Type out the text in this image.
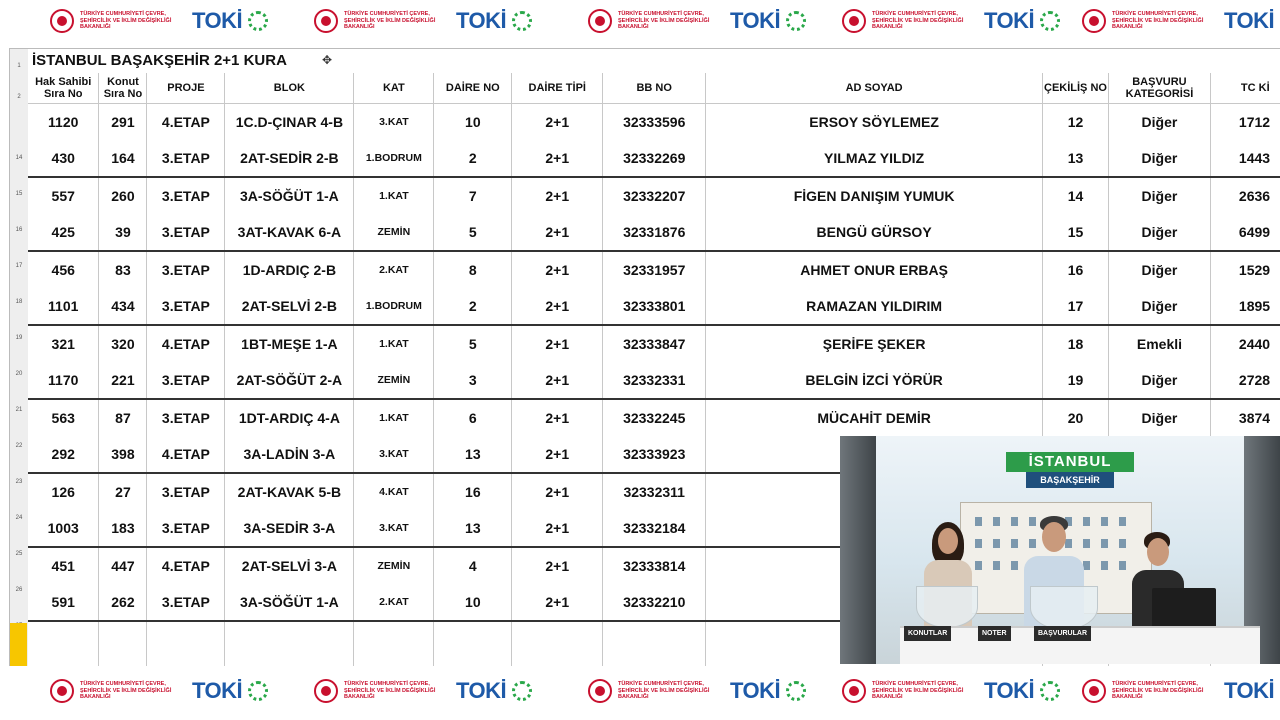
TÜRKİYE CUMHURİYETİ ÇEVRE, ŞEHİRCİLİK VE İKLİM DEĞİŞİKLİĞİ BAKANLIĞI	TOKİ	TÜRKİYE CUMHURİYETİ ÇEVRE, ŞEHİRCİLİK VE İKLİM DEĞİŞİKLİĞİ BAKANLIĞI	TOKİ	TÜRKİYE CUMHURİYETİ ÇEVRE, ŞEHİRCİLİK VE İKLİM DEĞİŞİKLİĞİ BAKANLIĞI	TOKİ	TÜRKİYE CUMHURİYETİ ÇEVRE, ŞEHİRCİLİK VE İKLİM DEĞİŞİKLİĞİ BAKANLIĞI	TOKİ	TÜRKİYE CUMHURİYETİ ÇEVRE, ŞEHİRCİLİK VE İKLİM DEĞİŞİKLİĞİ BAKANLIĞI	TOKİ
1
2
14
15
16
17
18
19
20
21
22
23
24
25
26
İSTANBUL BAŞAKŞEHİR 2+1 KURA	✥
Hak Sahibi Sıra No	Konut Sıra No	PROJE	BLOK	KAT	DAİRE NO	DAİRE TİPİ	BB NO	AD SOYAD	ÇEKİLİŞ NO	BAŞVURU KATEGORİSİ	TC Kİ
1120	291	4.ETAP	1C.D-ÇINAR 4-B	3.KAT	10	2+1	32333596	ERSOY SÖYLEMEZ	12	Diğer	1712
430	164	3.ETAP	2AT-SEDİR 2-B	1.BODRUM	2	2+1	32332269	YILMAZ YILDIZ	13	Diğer	1443
557	260	3.ETAP	3A-SÖĞÜT 1-A	1.KAT	7	2+1	32332207	FİGEN DANIŞIM YUMUK	14	Diğer	2636
425	39	3.ETAP	3AT-KAVAK 6-A	ZEMİN	5	2+1	32331876	BENGÜ GÜRSOY	15	Diğer	6499
456	83	3.ETAP	1D-ARDIÇ 2-B	2.KAT	8	2+1	32331957	AHMET ONUR ERBAŞ	16	Diğer	1529
1101	434	3.ETAP	2AT-SELVİ 2-B	1.BODRUM	2	2+1	32333801	RAMAZAN YILDIRIM	17	Diğer	1895
321	320	4.ETAP	1BT-MEŞE 1-A	1.KAT	5	2+1	32333847	ŞERİFE ŞEKER	18	Emekli	2440
1170	221	3.ETAP	2AT-SÖĞÜT 2-A	ZEMİN	3	2+1	32332331	BELGİN İZCİ YÖRÜR	19	Diğer	2728
563	87	3.ETAP	1DT-ARDIÇ 4-A	1.KAT	6	2+1	32332245	MÜCAHİT DEMİR	20	Diğer	3874
292	398	4.ETAP	3A-LADİN 3-A	3.KAT	13	2+1	32333923				
126	27	3.ETAP	2AT-KAVAK 5-B	4.KAT	16	2+1	32332311				
1003	183	3.ETAP	3A-SEDİR 3-A	3.KAT	13	2+1	32332184				
451	447	4.ETAP	2AT-SELVİ 3-A	ZEMİN	4	2+1	32333814				
591	262	3.ETAP	3A-SÖĞÜT 1-A	2.KAT	10	2+1	32332210				

İSTANBUL
BAŞAKŞEHİR
KONUTLAR	NOTER	BAŞVURULAR
TÜRKİYE CUMHURİYETİ ÇEVRE, ŞEHİRCİLİK VE İKLİM DEĞİŞİKLİĞİ BAKANLIĞI	TOKİ	TÜRKİYE CUMHURİYETİ ÇEVRE, ŞEHİRCİLİK VE İKLİM DEĞİŞİKLİĞİ BAKANLIĞI	TOKİ	TÜRKİYE CUMHURİYETİ ÇEVRE, ŞEHİRCİLİK VE İKLİM DEĞİŞİKLİĞİ BAKANLIĞI	TOKİ	TÜRKİYE CUMHURİYETİ ÇEVRE, ŞEHİRCİLİK VE İKLİM DEĞİŞİKLİĞİ BAKANLIĞI	TOKİ	TÜRKİYE CUMHURİYETİ ÇEVRE, ŞEHİRCİLİK VE İKLİM DEĞİŞİKLİĞİ BAKANLIĞI	TOKİ
